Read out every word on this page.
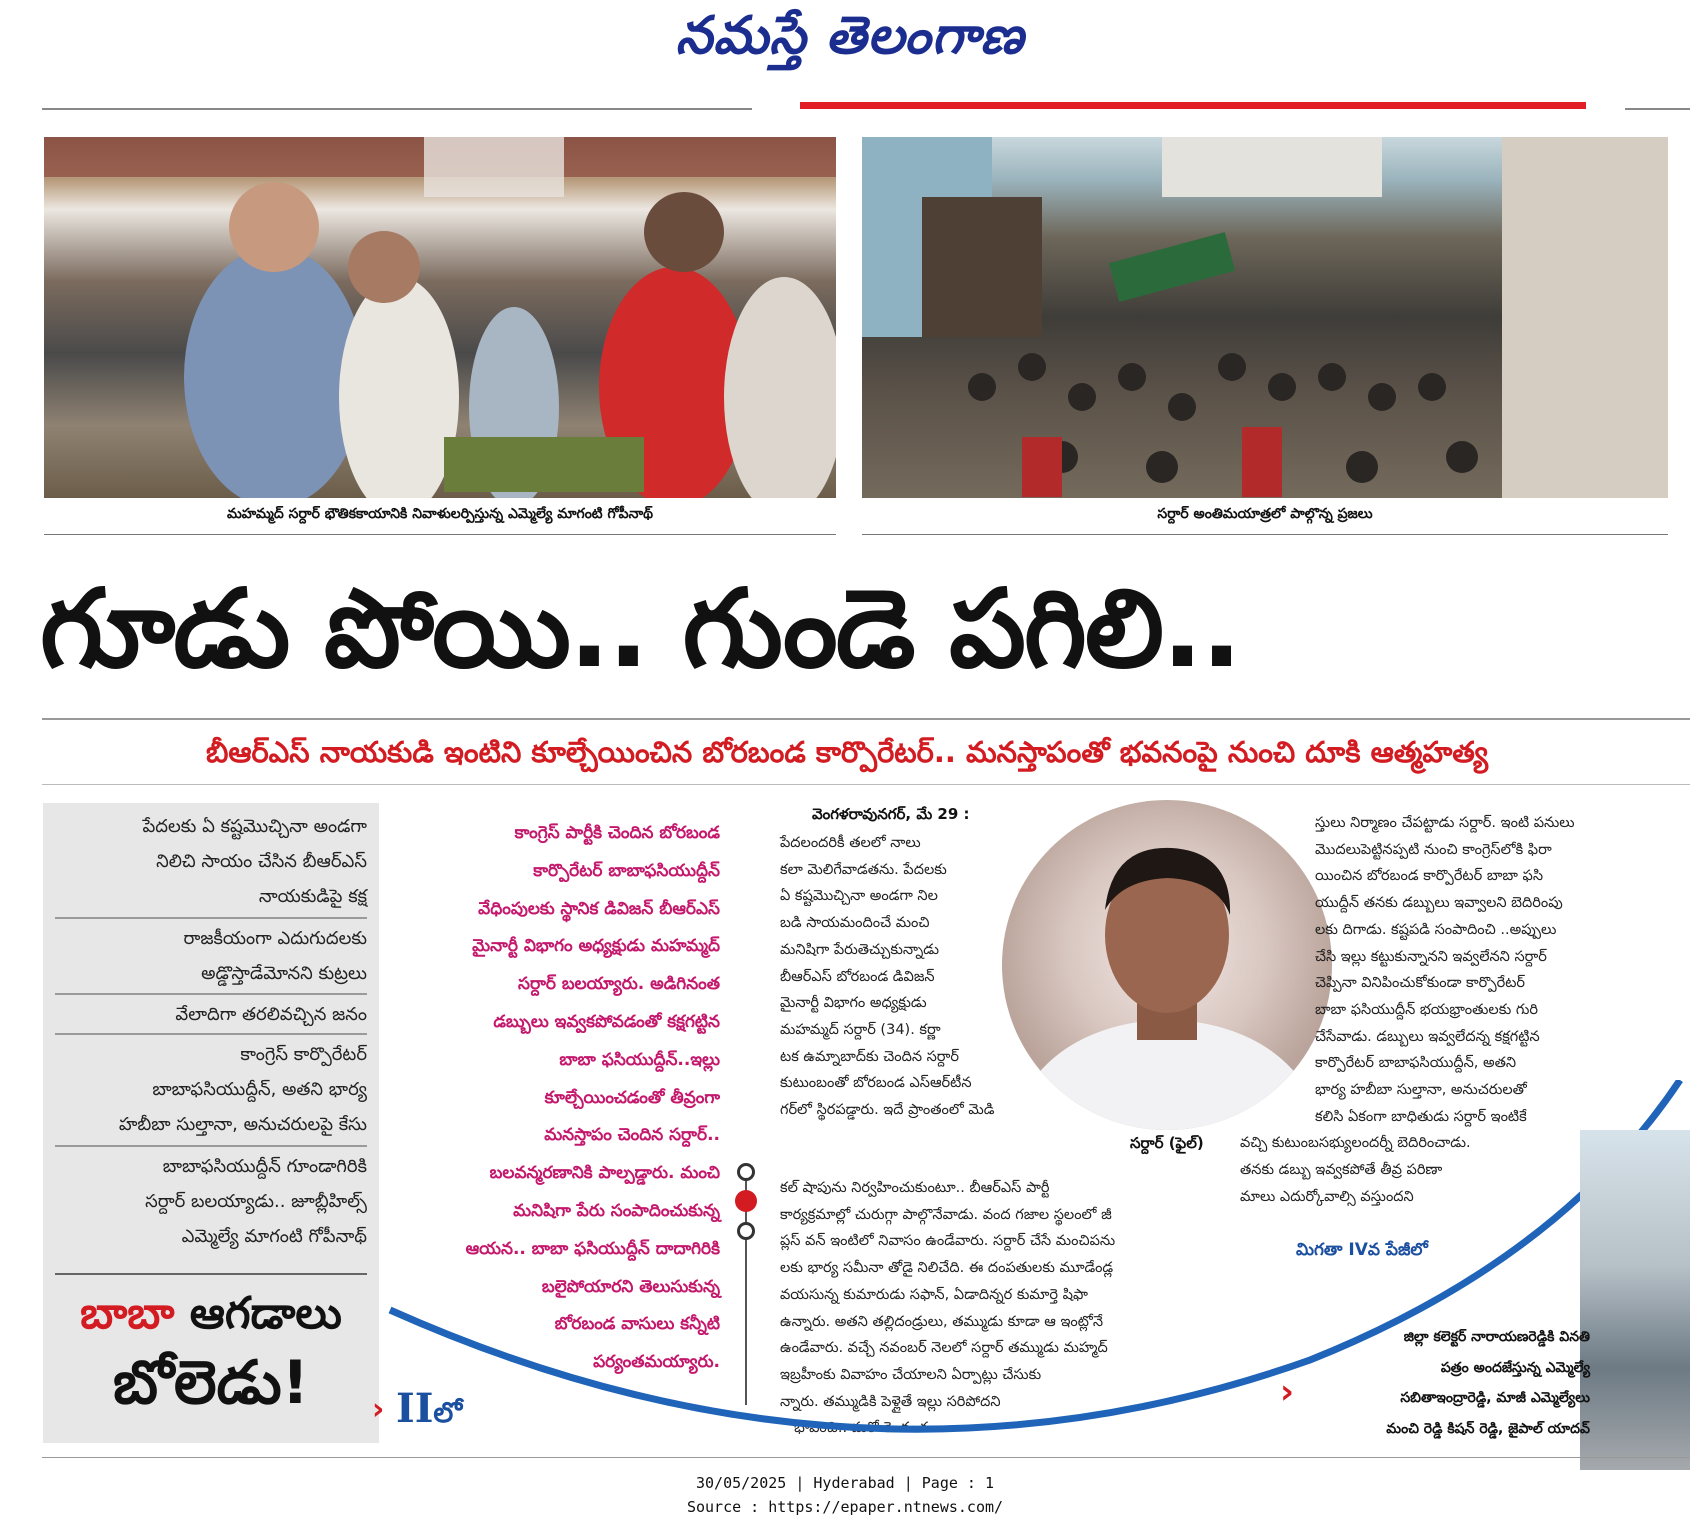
నమస్తే తెలంగాణ
మహమ్మద్ సర్దార్ భౌతికకాయానికి నివాళులర్పిస్తున్న ఎమ్మెల్యే మాగంటి గోపీనాథ్	సర్దార్ అంతిమయాత్రలో పాల్గొన్న ప్రజలు
గూడు పోయి.. గుండె పగిలి..
బీఆర్ఎస్ నాయకుడి ఇంటిని కూల్చేయించిన బోరబండ కార్పొరేటర్.. మనస్తాపంతో భవనంపై నుంచి దూకి ఆత్మహత్య

పేదలకు ఏ కష్టమొచ్చినా అండగా

నిలిచి సాయం చేసిన బీఆర్ఎస్

నాయకుడిపై కక్ష

రాజకీయంగా ఎదుగుదలకు

అడ్డొస్తాడేమోనని కుట్రలు

వేలాదిగా తరలివచ్చిన జనం

కాంగ్రెస్ కార్పొరేటర్

బాబాఫసియుద్దీన్, అతని భార్య

హబీబా సుల్తానా, అనుచరులపై కేసు

బాబాఫసియుద్దీన్ గూండాగిరికి

సర్దార్ బలయ్యాడు.. జూబ్లీహిల్స్

ఎమ్మెల్యే మాగంటి గోపీనాథ్

బాబా ఆగడాలు
బోలెడు!	› IIలో

కాంగ్రెస్ పార్టీకి చెందిన బోరబండ

కార్పొరేటర్ బాబాఫసియుద్దీన్

వేధింపులకు స్థానిక డివిజన్ బీఆర్ఎస్

మైనార్టీ విభాగం అధ్యక్షుడు మహమ్మద్

సర్దార్ బలయ్యారు. అడిగినంత

డబ్బులు ఇవ్వకపోవడంతో కక్షగట్టిన

బాబా ఫసియుద్దీన్..ఇల్లు

కూల్చేయించడంతో తీవ్రంగా

మనస్తాపం చెందిన సర్దార్..

బలవన్మరణానికి పాల్పడ్డారు. మంచి

మనిషిగా పేరు సంపాదించుకున్న

ఆయన.. బాబా ఫసియుద్దీన్ దాదాగిరికి

బలైపోయారని తెలుసుకున్న

బోరబండ వాసులు కన్నీటి

పర్యంతమయ్యారు.

వెంగళరావునగర్, మే 29 :

పేదలందరికీ తలలో నాలు

కలా మెలిగేవాడతను. పేదలకు

ఏ కష్టమొచ్చినా అండగా నిల

బడి సాయమందించే మంచి

మనిషిగా పేరుతెచ్చుకున్నాడు

బీఆర్ఎస్ బోరబండ డివిజన్

మైనార్టీ విభాగం అధ్యక్షుడు

మహమ్మద్ సర్దార్ (34). కర్ణా

టక ఉమ్నాబాద్‌కు చెందిన సర్దార్

కుటుంబంతో బోరబండ ఎస్ఆర్‌టీన

గర్‌లో స్థిరపడ్డారు. ఇదే ప్రాంతంలో మెడి

కల్ షాపును నిర్వహించుకుంటూ.. బీఆర్ఎస్ పార్టీ

కార్యక్రమాల్లో చురుగ్గా పాల్గొనేవాడు. వంద గజాల స్థలంలో జీ

ప్లస్ వన్ ఇంటిలో నివాసం ఉండేవారు. సర్దార్ చేసే మంచిపను

లకు భార్య సమీనా తోడై నిలిచేది. ఈ దంపతులకు మూడేండ్ల

వయసున్న కుమారుడు సఫాన్, ఏడాదిన్నర కుమార్తె షిఫా

ఉన్నారు. అతని తల్లిదండ్రులు, తమ్ముడు కూడా ఆ ఇంట్లోనే

ఉండేవారు. వచ్చే నవంబర్ నెలలో సర్దార్ తమ్ముడు మహ్మద్

ఇబ్రహీంకు వివాహం చేయాలని ఏర్పాట్లు చేసుకు

న్నారు. తమ్ముడికి పెళ్లైతే ఇల్లు సరిపోదని

భావించి.. మరో రెండంత

సర్దార్ (ఫైల్)

స్తులు నిర్మాణం చేపట్టాడు సర్దార్. ఇంటి పనులు

మొదలుపెట్టినప్పటి నుంచి కాంగ్రెస్‌లోకి ఫిరా

యించిన బోరబండ కార్పొరేటర్ బాబా ఫసి

యుద్దీన్ తనకు డబ్బులు ఇవ్వాలని బెదిరింపు

లకు దిగాడు. కష్టపడి సంపాదించి ..అప్పులు

చేసి ఇల్లు కట్టుకున్నానని ఇవ్వలేనని సర్దార్

చెప్పినా వినిపించుకోకుండా కార్పొరేటర్

బాబా ఫసియుద్దీన్ భయభ్రాంతులకు గురి

చేసేవాడు. డబ్బులు ఇవ్వలేదన్న కక్షగట్టిన

కార్పొరేటర్ బాబాఫసియుద్దీన్, అతని

భార్య హబీబా సుల్తానా, అనుచరులతో

కలిసి ఏకంగా బాధితుడు సర్దార్ ఇంటికే

వచ్చి కుటుంబసభ్యులందర్నీ బెదిరించాడు.

తనకు డబ్బు ఇవ్వకపోతే తీవ్ర పరిణా

మాలు ఎదుర్కోవాల్సి వస్తుందని

మిగతా IVవ పేజీలో
›

జిల్లా కలెక్టర్ నారాయణరెడ్డికి వినతి

పత్రం అందజేస్తున్న ఎమ్మెల్యే

సబితాఇంద్రారెడ్డి, మాజీ ఎమ్మెల్యేలు

మంచి రెడ్డి కిషన్ రెడ్డి, జైపాల్ యాదవ్

30/05/2025 | Hyderabad | Page : 1
Source : https://epaper.ntnews.com/
